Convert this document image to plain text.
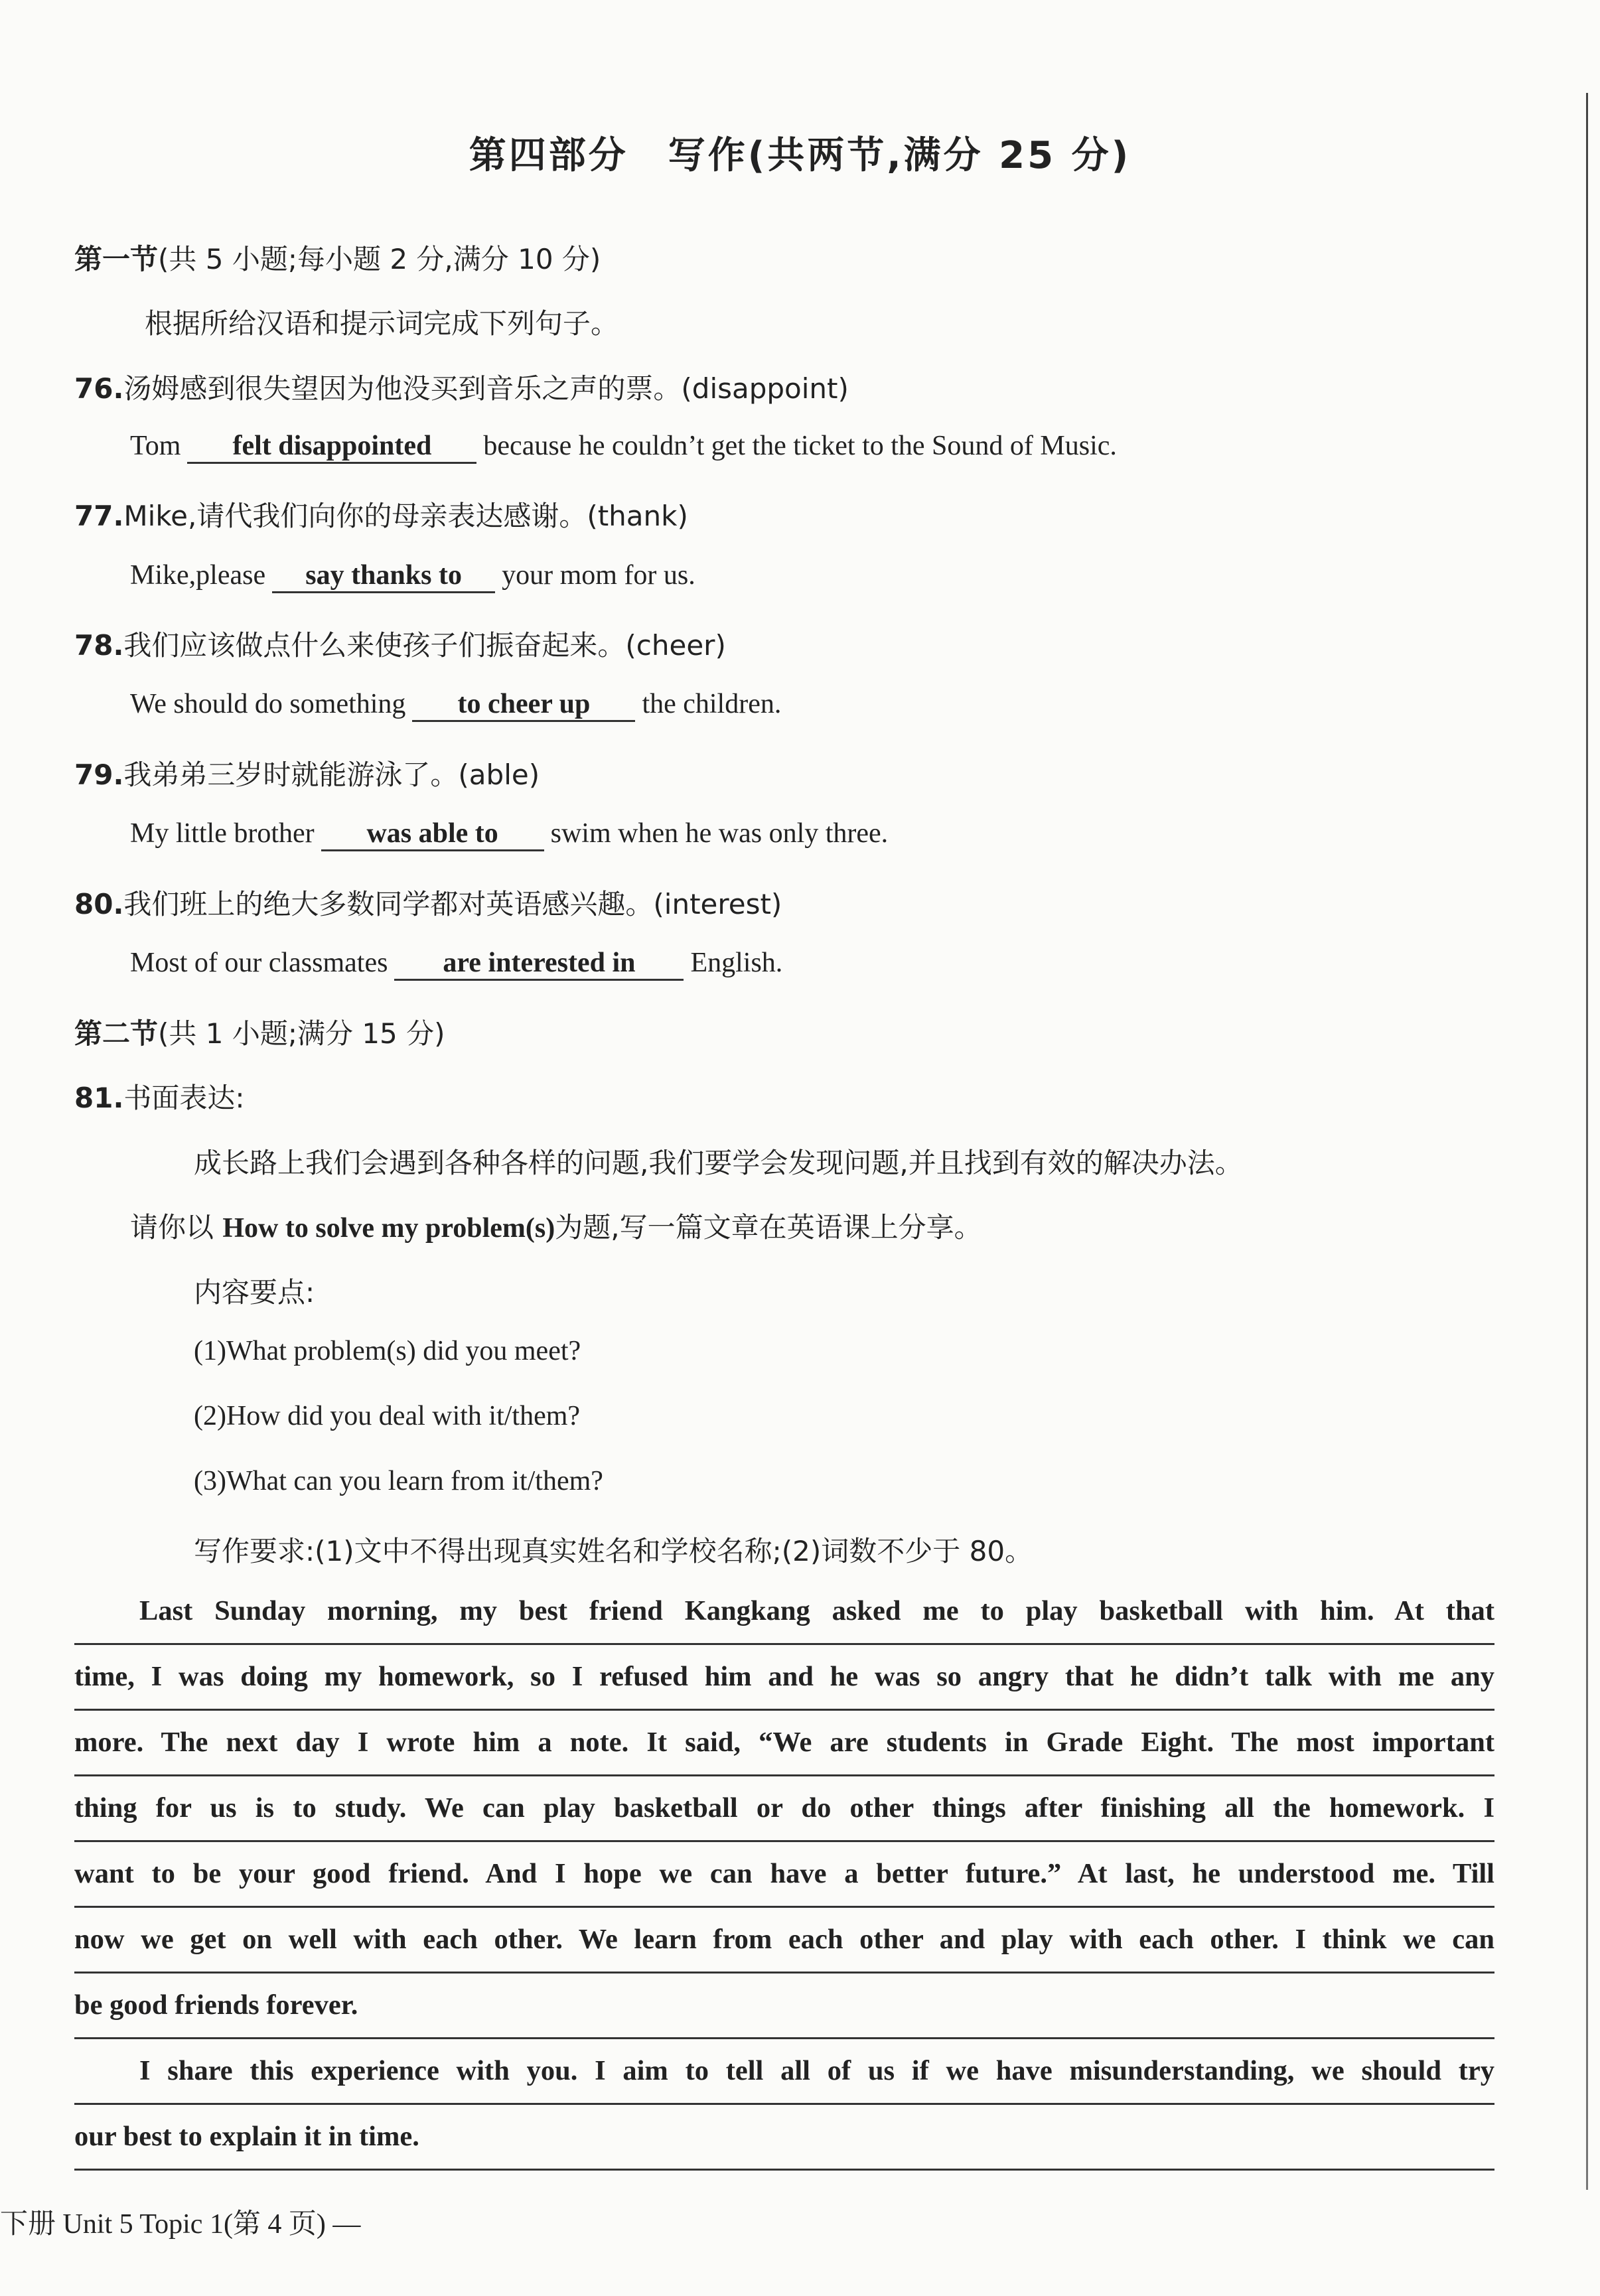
第四部分　写作(共两节,满分 25 分)
第一节(共 5 小题;每小题 2 分,满分 10 分)
根据所给汉语和提示词完成下列句子。
76.汤姆感到很失望因为他没买到音乐之声的票。(disappoint)
Tom felt disappointed because he couldn’t get the ticket to the Sound of Music.
77.Mike,请代我们向你的母亲表达感谢。(thank)
Mike,please say thanks to your mom for us.
78.我们应该做点什么来使孩子们振奋起来。(cheer)
We should do something to cheer up the children.
79.我弟弟三岁时就能游泳了。(able)
My little brother was able to swim when he was only three.
80.我们班上的绝大多数同学都对英语感兴趣。(interest)
Most of our classmates are interested in English.
第二节(共 1 小题;满分 15 分)
81.书面表达:
成长路上我们会遇到各种各样的问题,我们要学会发现问题,并且找到有效的解决办法。
请你以 How to solve my problem(s)为题,写一篇文章在英语课上分享。
内容要点:
(1)What problem(s) did you meet?
(2)How did you deal with it/them?
(3)What can you learn from it/them?
写作要求:(1)文中不得出现真实姓名和学校名称;(2)词数不少于 80。
Last Sunday morning, my best friend Kangkang asked me to play basketball with him. At that
time, I was doing my homework, so I refused him and he was so angry that he didn’t talk with me any
more. The next day I wrote him a note. It said, “We are students in Grade Eight. The most important
thing for us is to study. We can play basketball or do other things after finishing all the homework. I
want to be your good friend. And I hope we can have a better future.” At last, he understood me. Till
now we get on well with each other. We learn from each other and play with each other. I think we can
be good friends forever.
I share this experience with you. I aim to tell all of us if we have misunderstanding, we should try
our best to explain it in time.
下册 Unit 5 Topic 1(第 4 页) —
